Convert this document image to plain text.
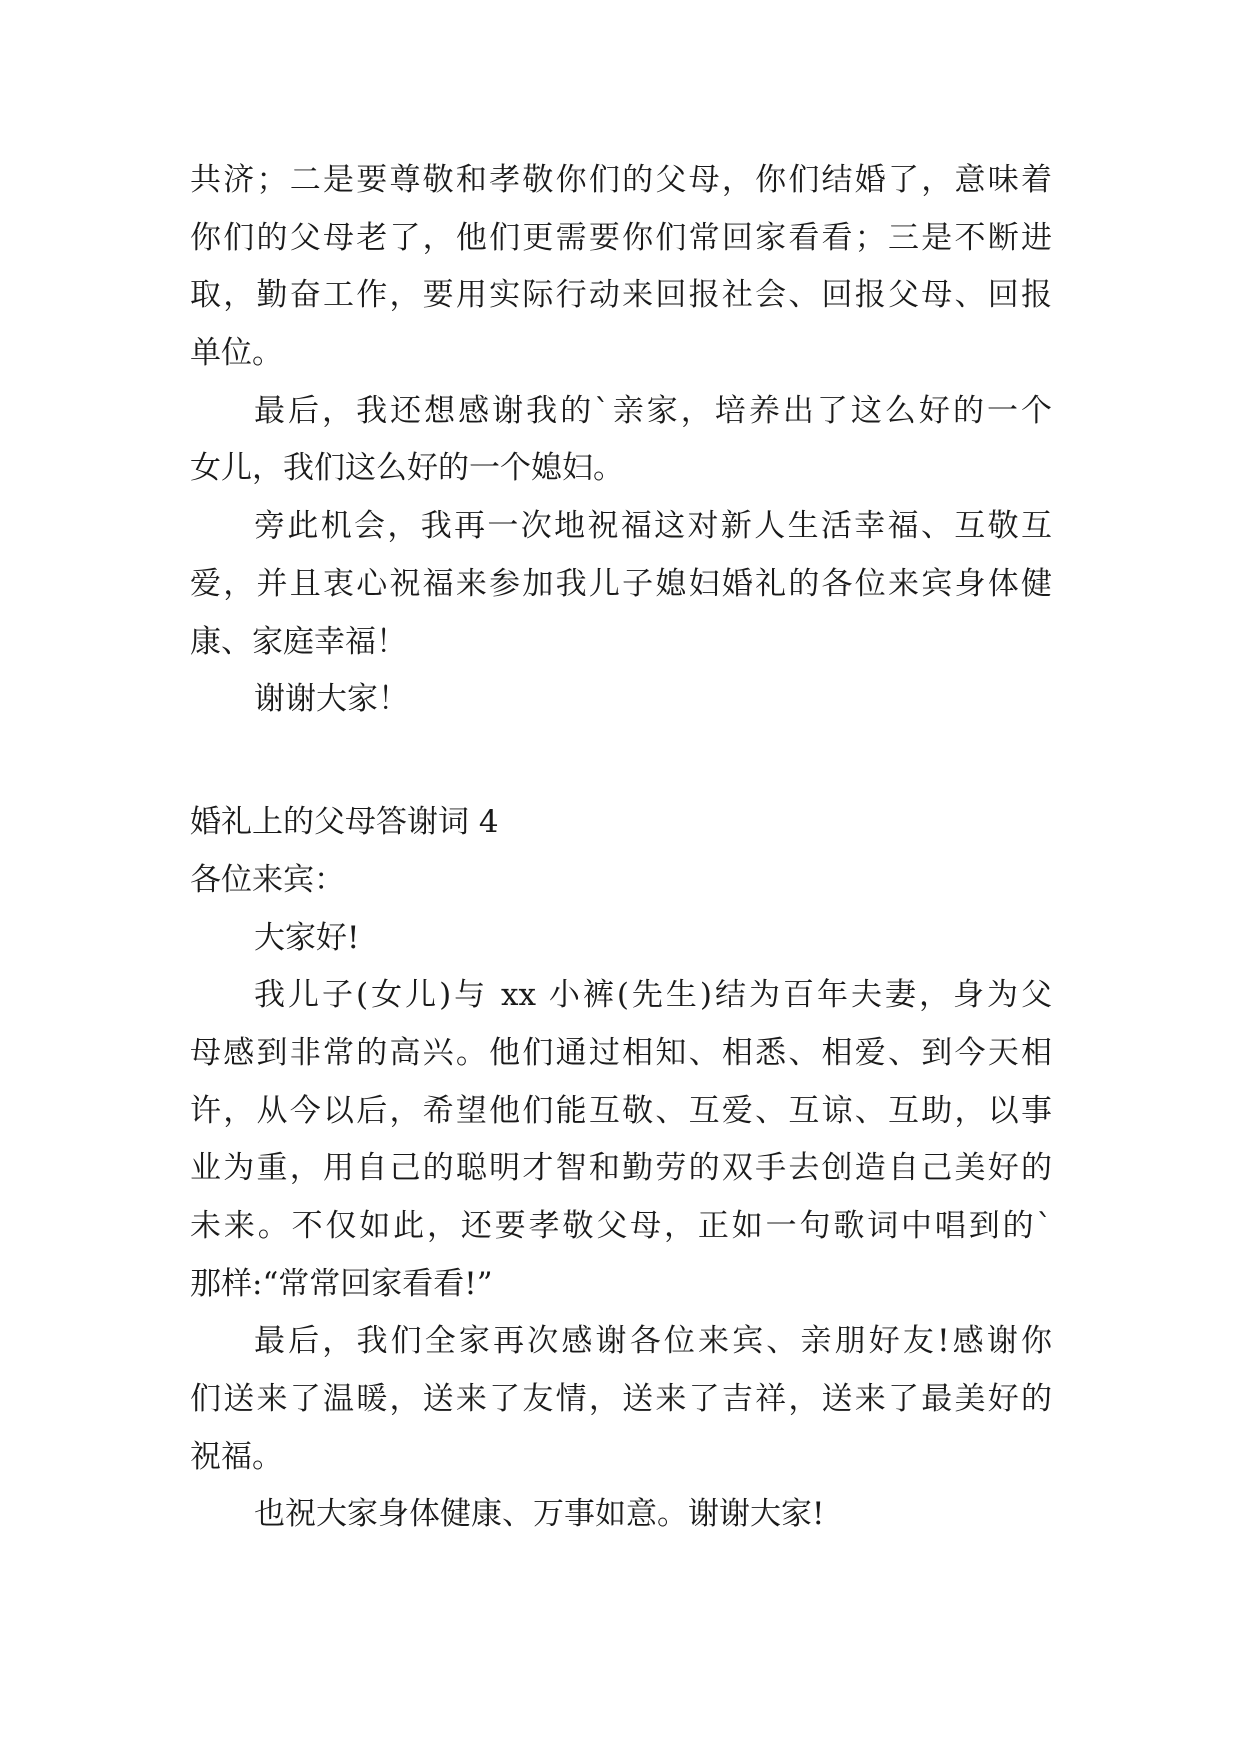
共济；二是要尊敬和孝敬你们的父母，你们结婚了，意味着
你们的父母老了，他们更需要你们常回家看看；三是不断进
取，勤奋工作，要用实际行动来回报社会、回报父母、回报
单位。
最后，我还想感谢我的`亲家，培养出了这么好的一个
女儿，我们这么好的一个媳妇。
旁此机会，我再一次地祝福这对新人生活幸福、互敬互
爱，并且衷心祝福来参加我儿子媳妇婚礼的各位来宾身体健
康、家庭幸福！
谢谢大家！
婚礼上的父母答谢词 4
各位来宾：
大家好!
我儿子(女儿)与 xx 小裤(先生)结为百年夫妻，身为父
母感到非常的高兴。他们通过相知、相悉、相爱、到今天相
许，从今以后，希望他们能互敬、互爱、互谅、互助，以事
业为重，用自己的聪明才智和勤劳的双手去创造自己美好的
未来。不仅如此，还要孝敬父母，正如一句歌词中唱到的`
那样:“常常回家看看!”
最后，我们全家再次感谢各位来宾、亲朋好友!感谢你
们送来了温暖，送来了友情，送来了吉祥，送来了最美好的
祝福。
也祝大家身体健康、万事如意。谢谢大家!
